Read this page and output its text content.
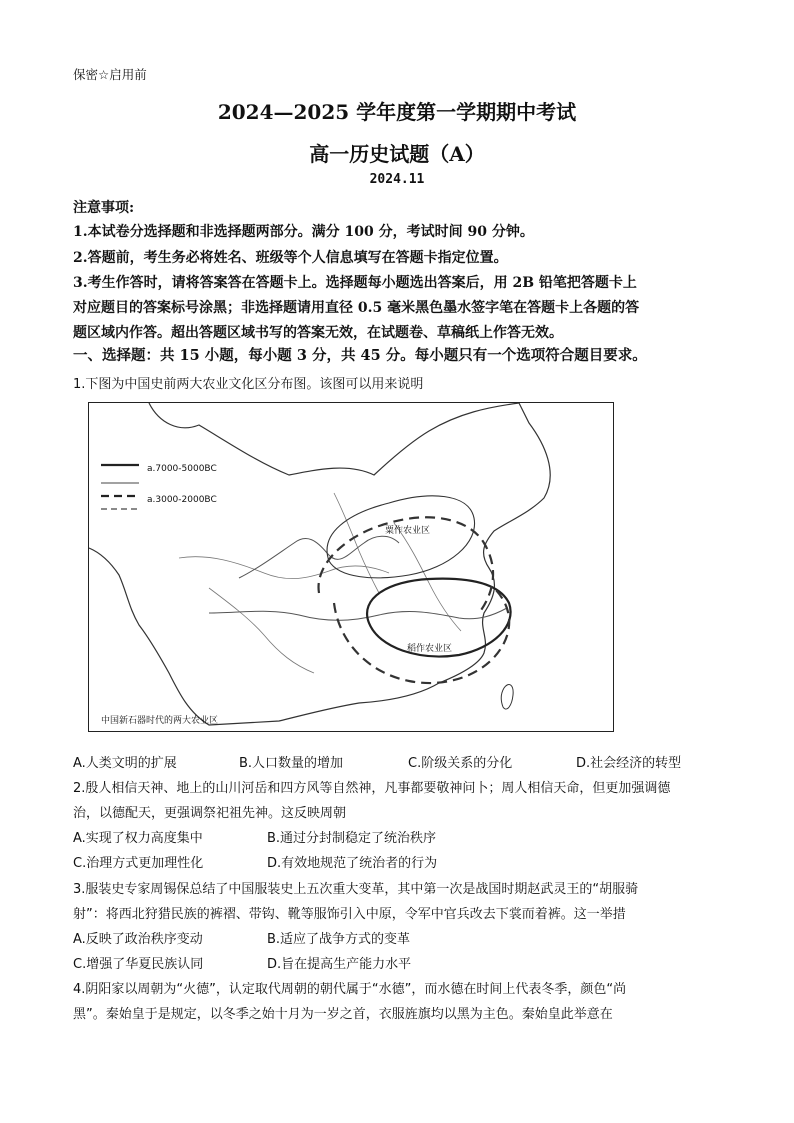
保密☆启用前
2024—2025 学年度第一学期期中考试
高一历史试题（A）
2024.11
注意事项:
1.本试卷分选择题和非选择题两部分。满分 100 分，考试时间 90 分钟。
2.答题前，考生务必将姓名、班级等个人信息填写在答题卡指定位置。
3.考生作答时，请将答案答在答题卡上。选择题每小题选出答案后，用 2B 铅笔把答题卡上
对应题目的答案标号涂黑；非选择题请用直径 0.5 毫米黑色墨水签字笔在答题卡上各题的答
题区域内作答。超出答题区域书写的答案无效，在试题卷、草稿纸上作答无效。
一、选择题：共 15 小题，每小题 3 分，共 45 分。每小题只有一个选项符合题目要求。
1.下图为中国史前两大农业文化区分布图。该图可以用来说明
a.7000-5000BC
a.3000-2000BC
粟作农业区
稻作农业区
中国新石器时代的两大农业区
A.人类文明的扩展	B.人口数量的增加	C.阶级关系的分化	D.社会经济的转型
2.殷人相信天神、地上的山川河岳和四方风等自然神，凡事都要敬神问卜；周人相信天命，但更加强调德
治，以德配天，更强调祭祀祖先神。这反映周朝
A.实现了权力高度集中	B.通过分封制稳定了统治秩序
C.治理方式更加理性化	D.有效地规范了统治者的行为
3.服装史专家周锡保总结了中国服装史上五次重大变革，其中第一次是战国时期赵武灵王的“胡服骑
射”：将西北狩猎民族的裤褶、带钩、靴等服饰引入中原，令军中官兵改去下裳而着裤。这一举措
A.反映了政治秩序变动	B.适应了战争方式的变革
C.增强了华夏民族认同	D.旨在提高生产能力水平
4.阴阳家以周朝为“火德”，认定取代周朝的朝代属于“水德”，而水德在时间上代表冬季，颜色“尚
黑”。秦始皇于是规定，以冬季之始十月为一岁之首，衣服旌旗均以黑为主色。秦始皇此举意在
